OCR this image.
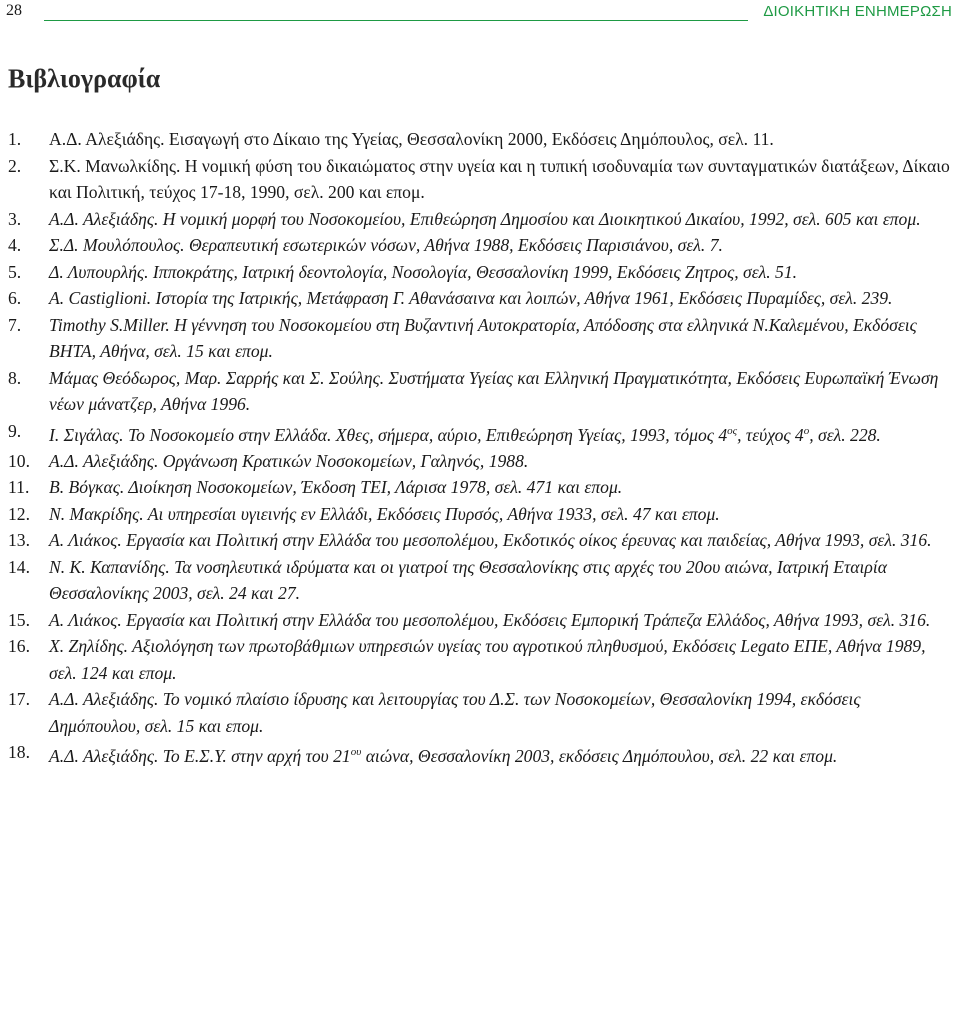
28	ΔΙΟΙΚΗΤΙΚΗ ΕΝΗΜΕΡΩΣΗ
Βιβλιογραφία
1.	Α.Δ. Αλεξιάδης. Εισαγωγή στο Δίκαιο της Υγείας, Θεσσαλονίκη 2000, Εκδόσεις Δημόπουλος, σελ. 11.
2.	Σ.Κ. Μανωλκίδης. Η νομική φύση του δικαιώματος στην υγεία και η τυπική ισοδυναμία των συνταγματικών διατάξεων, Δίκαιο και Πολιτική, τεύχος 17-18, 1990, σελ. 200 και επομ.
3.	Α.Δ. Αλεξιάδης. Η νομική μορφή του Νοσοκομείου, Επιθεώρηση Δημοσίου και Διοικητικού Δικαίου, 1992, σελ. 605 και επομ.
4.	Σ.Δ. Μουλόπουλος. Θεραπευτική εσωτερικών νόσων, Αθήνα 1988, Εκδόσεις Παρισιάνου, σελ. 7.
5.	Δ. Λυπουρλής. Ιπποκράτης, Ιατρική δεοντολογία, Νοσολογία, Θεσσαλονίκη 1999, Εκδόσεις Ζητρος, σελ. 51.
6.	A. Castiglioni. Ιστορία της Ιατρικής, Μετάφραση Γ. Αθανάσαινα και λοιπών, Αθήνα 1961, Εκδόσεις Πυραμίδες, σελ. 239.
7.	Timothy S.Miller. Η γέννηση του Νοσοκομείου στη Βυζαντινή Αυτοκρατορία, Απόδοσης στα ελληνικά Ν.Καλεμένου, Εκδόσεις ΒΗΤΑ, Αθήνα, σελ. 15 και επομ.
8.	Μάμας Θεόδωρος, Μαρ. Σαρρής και Σ. Σούλης. Συστήματα Υγείας και Ελληνική Πραγματικότητα, Εκδόσεις Ευρωπαϊκή Ένωση νέων μάνατζερ, Αθήνα 1996.
9.	Ι. Σιγάλας. Το Νοσοκομείο στην Ελλάδα. Χθες, σήμερα, αύριο, Επιθεώρηση Υγείας, 1993, τόμος $4^{o\varsigma}$, τεύχος $4^o$, σελ. 228.
10.	Α.Δ. Αλεξιάδης. Οργάνωση Κρατικών Νοσοκομείων, Γαληνός, 1988.
11.	Β. Βόγκας. Διοίκηση Νοσοκομείων, Έκδοση ΤΕΙ, Λάρισα 1978, σελ. 471 και επομ.
12.	Ν. Μακρίδης. Αι υπηρεσίαι υγιεινής εν Ελλάδι, Εκδόσεις Πυρσός, Αθήνα 1933, σελ. 47 και επομ.
13.	Α. Λιάκος. Εργασία και Πολιτική στην Ελλάδα του μεσοπολέμου, Εκδοτικός οίκος έρευνας και παιδείας, Αθήνα 1993, σελ. 316.
14.	Ν. Κ. Καπανίδης. Τα νοσηλευτικά ιδρύματα και οι γιατροί της Θεσσαλονίκης στις αρχές του 20ου αιώνα, Ιατρική Εταιρία Θεσσαλονίκης 2003, σελ. 24 και 27.
15.	Α. Λιάκος. Εργασία και Πολιτική στην Ελλάδα του μεσοπολέμου, Εκδόσεις Εμπορική Τράπεζα Ελλάδος, Αθήνα 1993, σελ. 316.
16.	Χ. Ζηλίδης. Αξιολόγηση των πρωτοβάθμιων υπηρεσιών υγείας του αγροτικού πληθυσμού, Εκδόσεις Legato ΕΠΕ, Αθήνα 1989, σελ. 124 και επομ.
17.	Α.Δ. Αλεξιάδης. Το νομικό πλαίσιο ίδρυσης και λειτουργίας του Δ.Σ. των Νοσοκομείων, Θεσσαλονίκη 1994, εκδόσεις Δημόπουλου, σελ. 15 και επομ.
18.	Α.Δ. Αλεξιάδης. Το Ε.Σ.Υ. στην αρχή του $21^{o\upsilon}$ αιώνα, Θεσσαλονίκη 2003, εκδόσεις Δημόπουλου, σελ. 22 και επομ.
